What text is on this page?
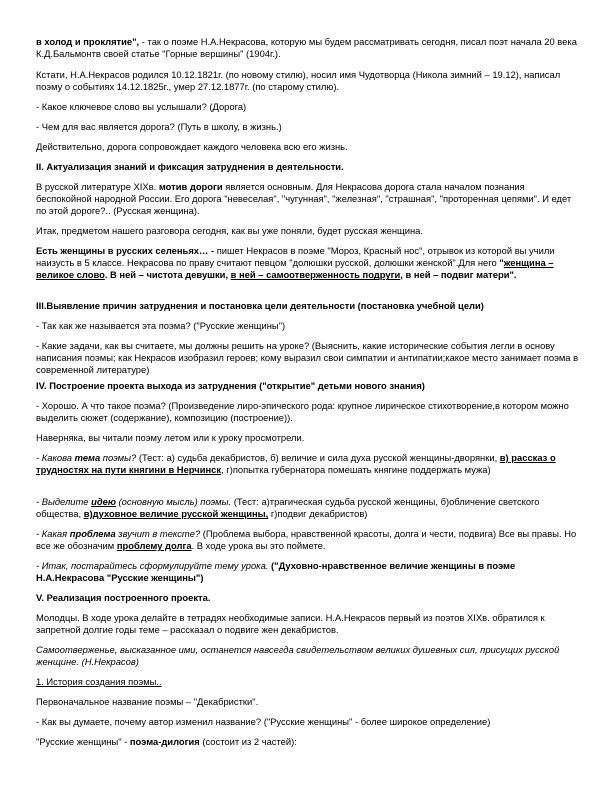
в холод и проклятие", - так о поэме Н.А.Некрасова, которую мы будем рассматривать сегодня, писал поэт начала 20 века К.Д.Бальмонтв своей статье "Горные вершины" (1904г.).

Кстати, Н.А.Некрасов родился 10.12.1821г. (по новому стилю), носил имя Чудотворца (Никола зимний – 19.12), написал поэму о событиях 14.12.1825г., умер 27.12.1877г. (по старому стилю).

- Какое ключевое слово вы услышали? (Дорога)

- Чем для вас является дорога? (Путь в школу, в жизнь.)

Действительно, дорога сопровождает каждого человека всю его жизнь.

II. Актуализация знаний и фиксация затруднения в деятельности.

В русской литературе XIXв. мотив дороги является основным. Для Некрасова дорога стала началом познания беспокойной народной России. Его дорога "невеселая", "чугунная", "железная", "страшная", "проторенная цепями". И едет по этой дороге?.. (Русская женщина).

Итак, предметом нашего разговора сегодня, как вы уже поняли, будет русская женщина.

Есть женщины в русских селеньях… - пишет Некрасов в поэме "Мороз, Красный нос", отрывок из которой вы учили наизусть в 5 классе. Некрасова по праву считают певцом "долюшки русской, долюшки женской".Для него "женщина – великое слово. В ней – чистота девушки, в ней – самоотверженность подруги, в ней – подвиг матери".

III.Выявление причин затруднения и постановка цели деятельности (постановка учебной цели)

- Так как же называется эта поэма? ("Русские женщины")

- Какие задачи, как вы считаете, мы должны решить на уроке? (Выяснить, какие исторические события легли в основу написания поэмы; как Некрасов изобразил героев; кому выразил свои симпатии и антипатии;какое место занимает поэма в современной литературе)

IV. Построение проекта выхода из затруднения ("открытие" детьми нового знания)

- Хорошо. А что такое поэма? (Произведение лиро-эпического рода: крупное лирическое стихотворение,в котором можно выделить сюжет (содержание), композицию (построение)).

Наверняка, вы читали поэму летом или к уроку просмотрели.

- Какова тема поэмы? (Тест: а) судьба декабристов, б) величие и сила духа русской женщины-дворянки, в) рассказ о трудностях на пути княгини в Нерчинск, г)попытка губернатора помешать княгине поддержать мужа)

- Выделите идею (основную мысль) поэмы. (Тест: а)трагическая судьба русской женщины, б)обличение светского общества, в)духовное величие русской женщины, г)подвиг декабристов)

- Какая проблема звучит в тексте? (Проблема выбора, нравственной красоты, долга и чести, подвига) Все вы правы. Но все же обозначим проблему долга. В ходе урока вы это поймете.

- Итак, постарайтесь сформулируйте тему урока. ("Духовно-нравственное величие женщины в поэме Н.А.Некрасова "Русские женщины")

V. Реализация построенного проекта.

Молодцы. В ходе урока делайте в тетрадях необходимые записи. Н.А.Некрасов первый из поэтов XIXв. обратился к запретной долгие годы теме – рассказал о подвиге жен декабристов.

Самоотверженье, высказанное ими, останется навсегда свидетельством великих душевных сил, присущих русской женщине. (Н.Некрасов)

1. История создания поэмы..

Первоначальное название поэмы – "Декабристки".

- Как вы думаете, почему автор изменил название? ("Русские женщины" - более широкое определение)

"Русские женщины" - поэма-дилогия (состоит из 2 частей):
